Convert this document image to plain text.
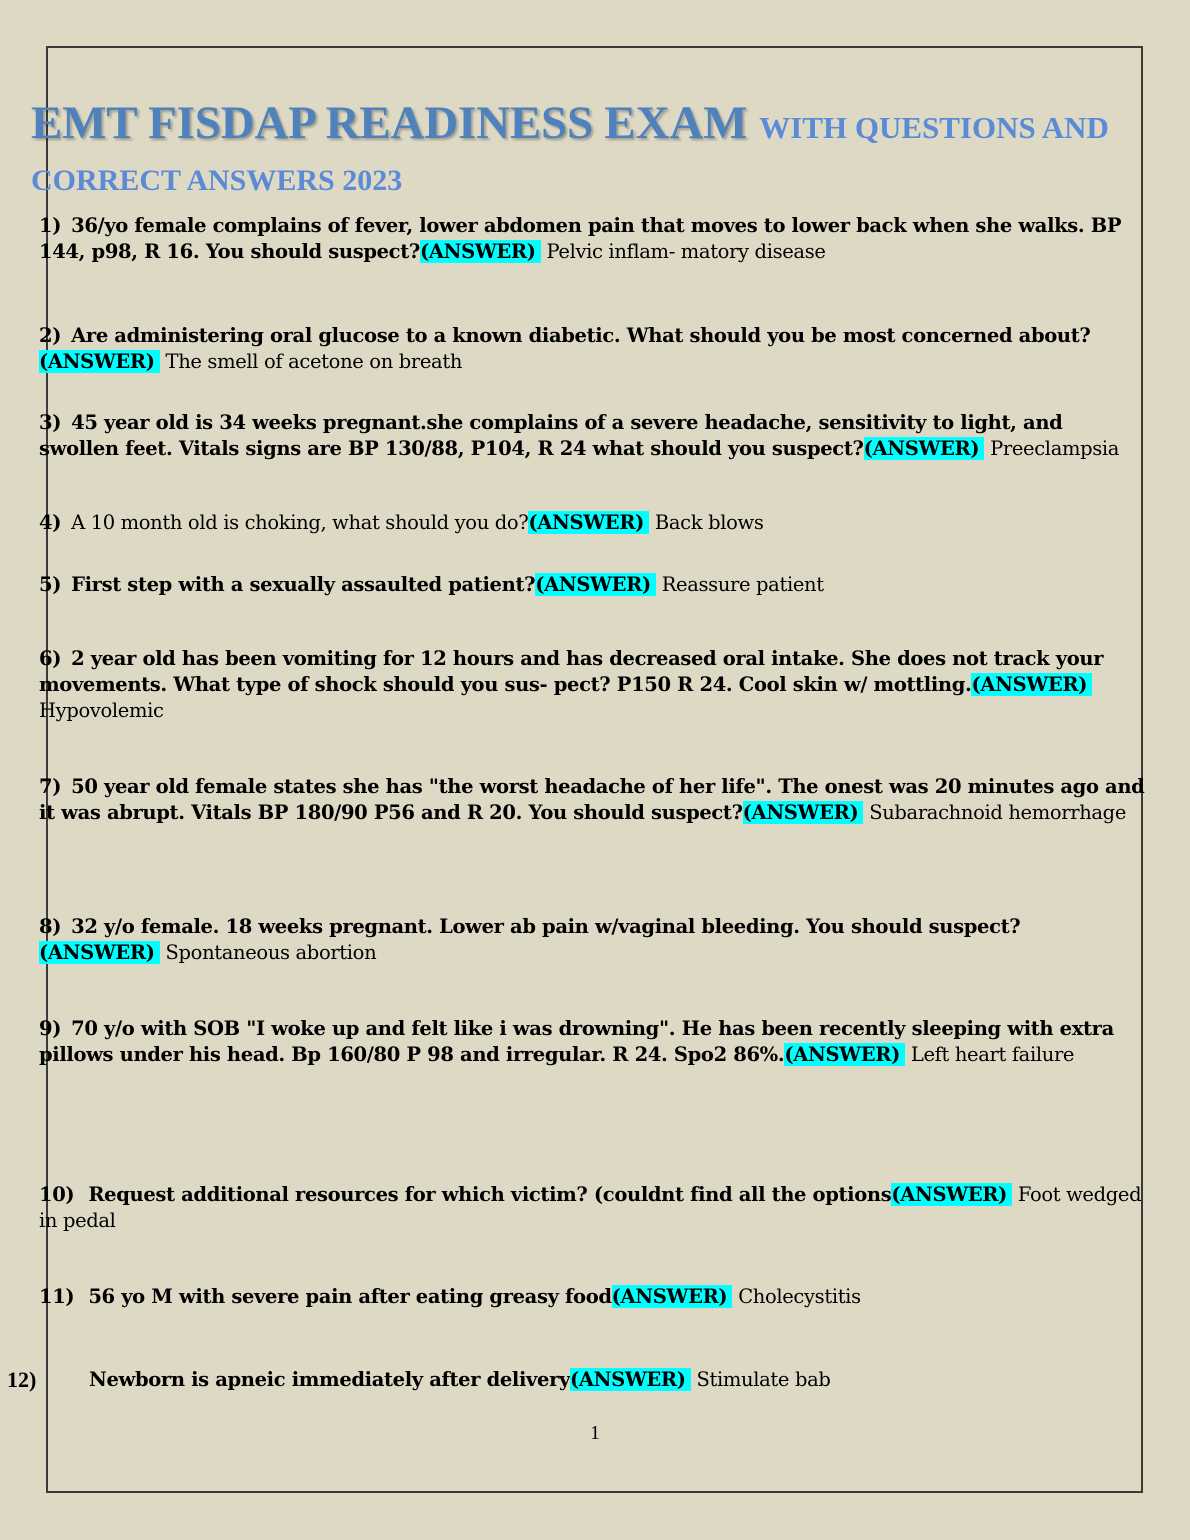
EMT FISDAP READINESS EXAM WITH QUESTIONS AND
CORRECT ANSWERS 2023
1) 36/yo female complains of fever, lower abdomen pain that moves to lower back when she walks. BP 144, p98, R 16. You should suspect?(ANSWER) Pelvic inflam- matory disease
2) Are administering oral glucose to a known diabetic. What should you be most concerned about?
(ANSWER) The smell of acetone on breath
3) 45 year old is 34 weeks pregnant.she complains of a severe headache, sensitivity to light, and swollen feet. Vitals signs are BP 130/88, P104, R 24 what should you suspect?(ANSWER) Preeclampsia
4) A 10 month old is choking, what should you do?(ANSWER) Back blows
5) First step with a sexually assaulted patient?(ANSWER) Reassure patient
6) 2 year old has been vomiting for 12 hours and has decreased oral intake. She does not track your movements. What type of shock should you sus- pect? P150 R 24. Cool skin w/ mottling.(ANSWER) Hypovolemic
7) 50 year old female states she has "the worst headache of her life". The onest was 20 minutes ago and it was abrupt. Vitals BP 180/90 P56 and R 20. You should suspect?(ANSWER) Subarachnoid hemorrhage
8) 32 y/o female. 18 weeks pregnant. Lower ab pain w/vaginal bleeding. You should suspect?
(ANSWER) Spontaneous abortion
9) 70 y/o with SOB "I woke up and felt like i was drowning". He has been recently sleeping with extra pillows under his head. Bp 160/80 P 98 and irregular. R 24. Spo2 86%.(ANSWER) Left heart failure
10) Request additional resources for which victim? (couldnt find all the options(ANSWER) Foot wedged in pedal
11) 56 yo M with severe pain after eating greasy food(ANSWER) Cholecystitis
12)	Newborn is apneic immediately after delivery(ANSWER) Stimulate bab
1
